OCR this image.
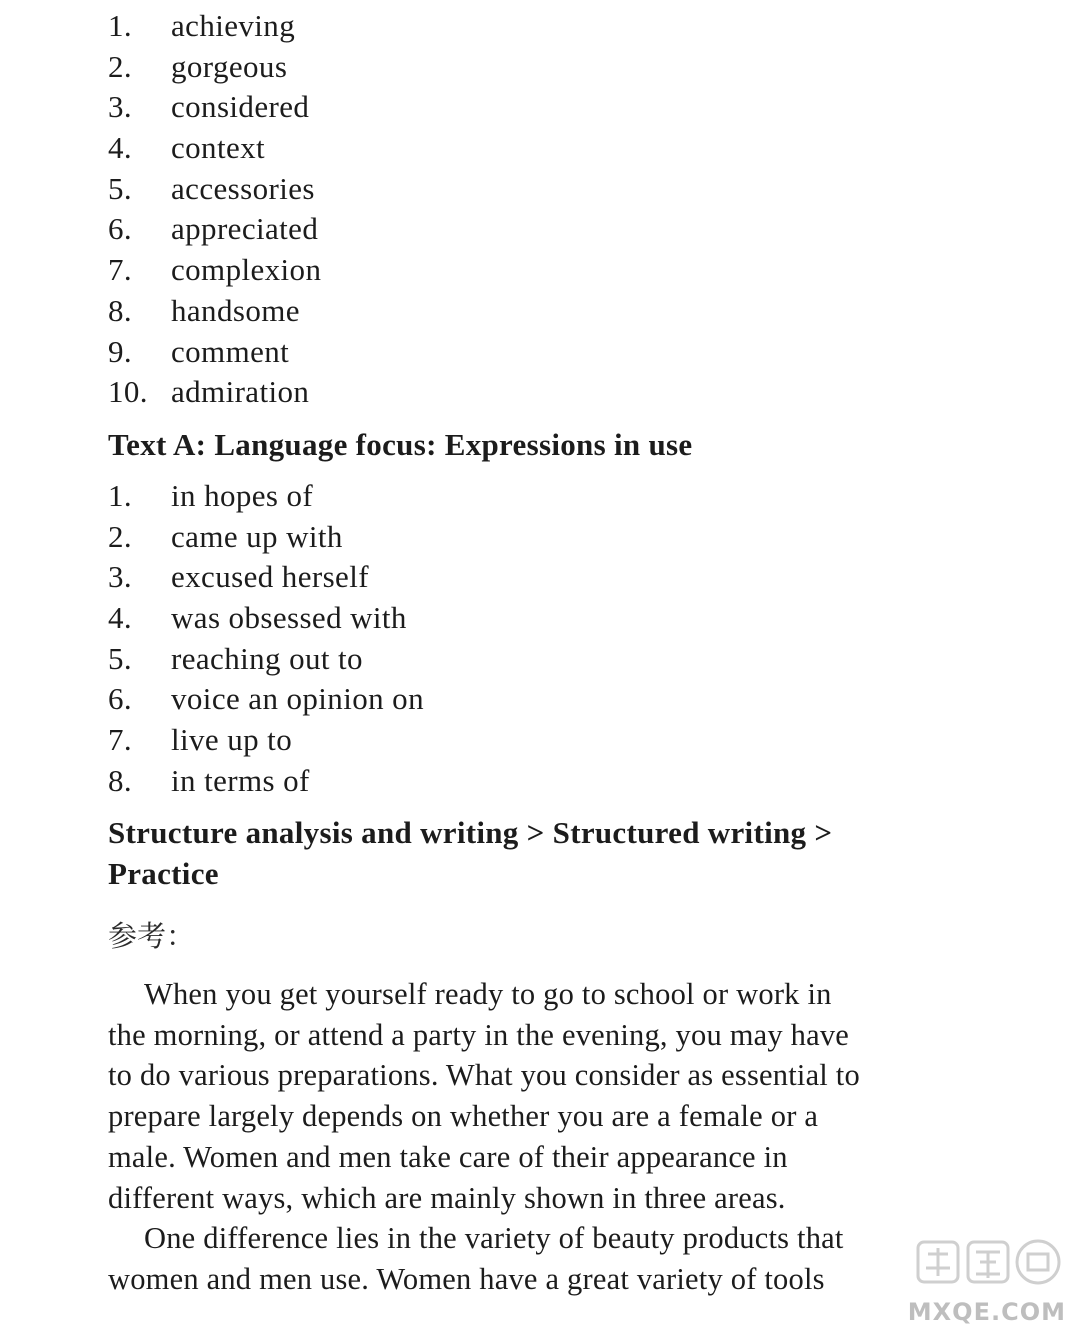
1. achieving
2. gorgeous
3. considered
4. context
5. accessories
6. appreciated
7. complexion
8. handsome
9. comment
10. admiration
Text A: Language focus: Expressions in use
1. in hopes of
2. came up with
3. excused herself
4. was obsessed with
5. reaching out to
6. voice an opinion on
7. live up to
8. in terms of
Structure analysis and writing > Structured writing >
Practice
参考：

When you get yourself ready to go to school or work in
the morning, or attend a party in the evening, you may have
to do various preparations. What you consider as essential to
prepare largely depends on whether you are a female or a
male. Women and men take care of their appearance in
different ways, which are mainly shown in three areas.

One difference lies in the variety of beauty products that
women and men use. Women have a great variety of tools

MXQE.COM
